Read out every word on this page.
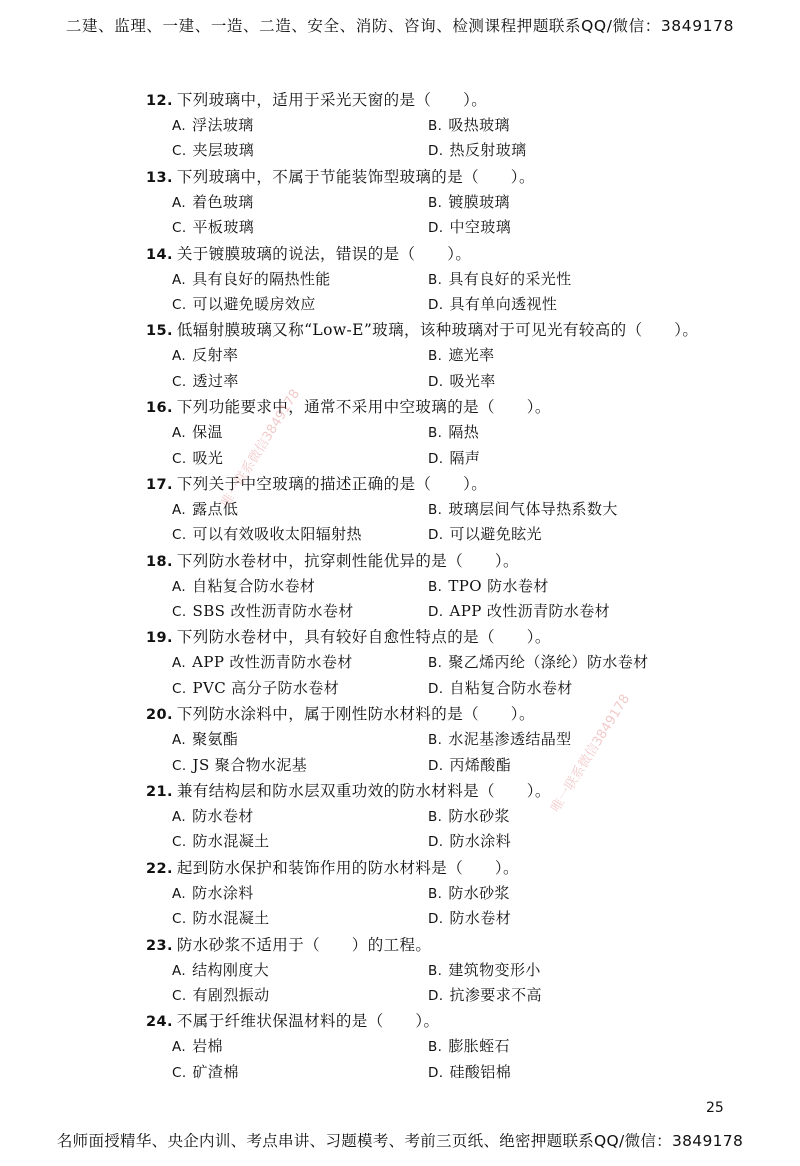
二建、监理、一建、一造、二造、安全、消防、咨询、检测课程押题联系QQ/微信：3849178
12. 下列玻璃中，适用于采光天窗的是（　　）。
A. 浮法玻璃	B. 吸热玻璃
C. 夹层玻璃	D. 热反射玻璃
13. 下列玻璃中，不属于节能装饰型玻璃的是（　　）。
A. 着色玻璃	B. 镀膜玻璃
C. 平板玻璃	D. 中空玻璃
14. 关于镀膜玻璃的说法，错误的是（　　）。
A. 具有良好的隔热性能	B. 具有良好的采光性
C. 可以避免暖房效应	D. 具有单向透视性
15. 低辐射膜玻璃又称“Low-E”玻璃，该种玻璃对于可见光有较高的（　　）。
A. 反射率	B. 遮光率
C. 透过率	D. 吸光率
16. 下列功能要求中，通常不采用中空玻璃的是（　　）。
A. 保温	B. 隔热
C. 吸光	D. 隔声
17. 下列关于中空玻璃的描述正确的是（　　）。
A. 露点低	B. 玻璃层间气体导热系数大
C. 可以有效吸收太阳辐射热	D. 可以避免眩光
18. 下列防水卷材中，抗穿刺性能优异的是（　　）。
A. 自粘复合防水卷材	B. TPO 防水卷材
C. SBS 改性沥青防水卷材	D. APP 改性沥青防水卷材
19. 下列防水卷材中，具有较好自愈性特点的是（　　）。
A. APP 改性沥青防水卷材	B. 聚乙烯丙纶（涤纶）防水卷材
C. PVC 高分子防水卷材	D. 自粘复合防水卷材
20. 下列防水涂料中，属于刚性防水材料的是（　　）。
A. 聚氨酯	B. 水泥基渗透结晶型
C. JS 聚合物水泥基	D. 丙烯酸酯
21. 兼有结构层和防水层双重功效的防水材料是（　　）。
A. 防水卷材	B. 防水砂浆
C. 防水混凝土	D. 防水涂料
22. 起到防水保护和装饰作用的防水材料是（　　）。
A. 防水涂料	B. 防水砂浆
C. 防水混凝土	D. 防水卷材
23. 防水砂浆不适用于（　　）的工程。
A. 结构刚度大	B. 建筑物变形小
C. 有剧烈振动	D. 抗渗要求不高
24. 不属于纤维状保温材料的是（　　）。
A. 岩棉	B. 膨胀蛭石
C. 矿渣棉	D. 硅酸铝棉
唯一联系微信3849178
唯一联系微信3849178
25
名师面授精华、央企内训、考点串讲、习题模考、考前三页纸、绝密押题联系QQ/微信：3849178
